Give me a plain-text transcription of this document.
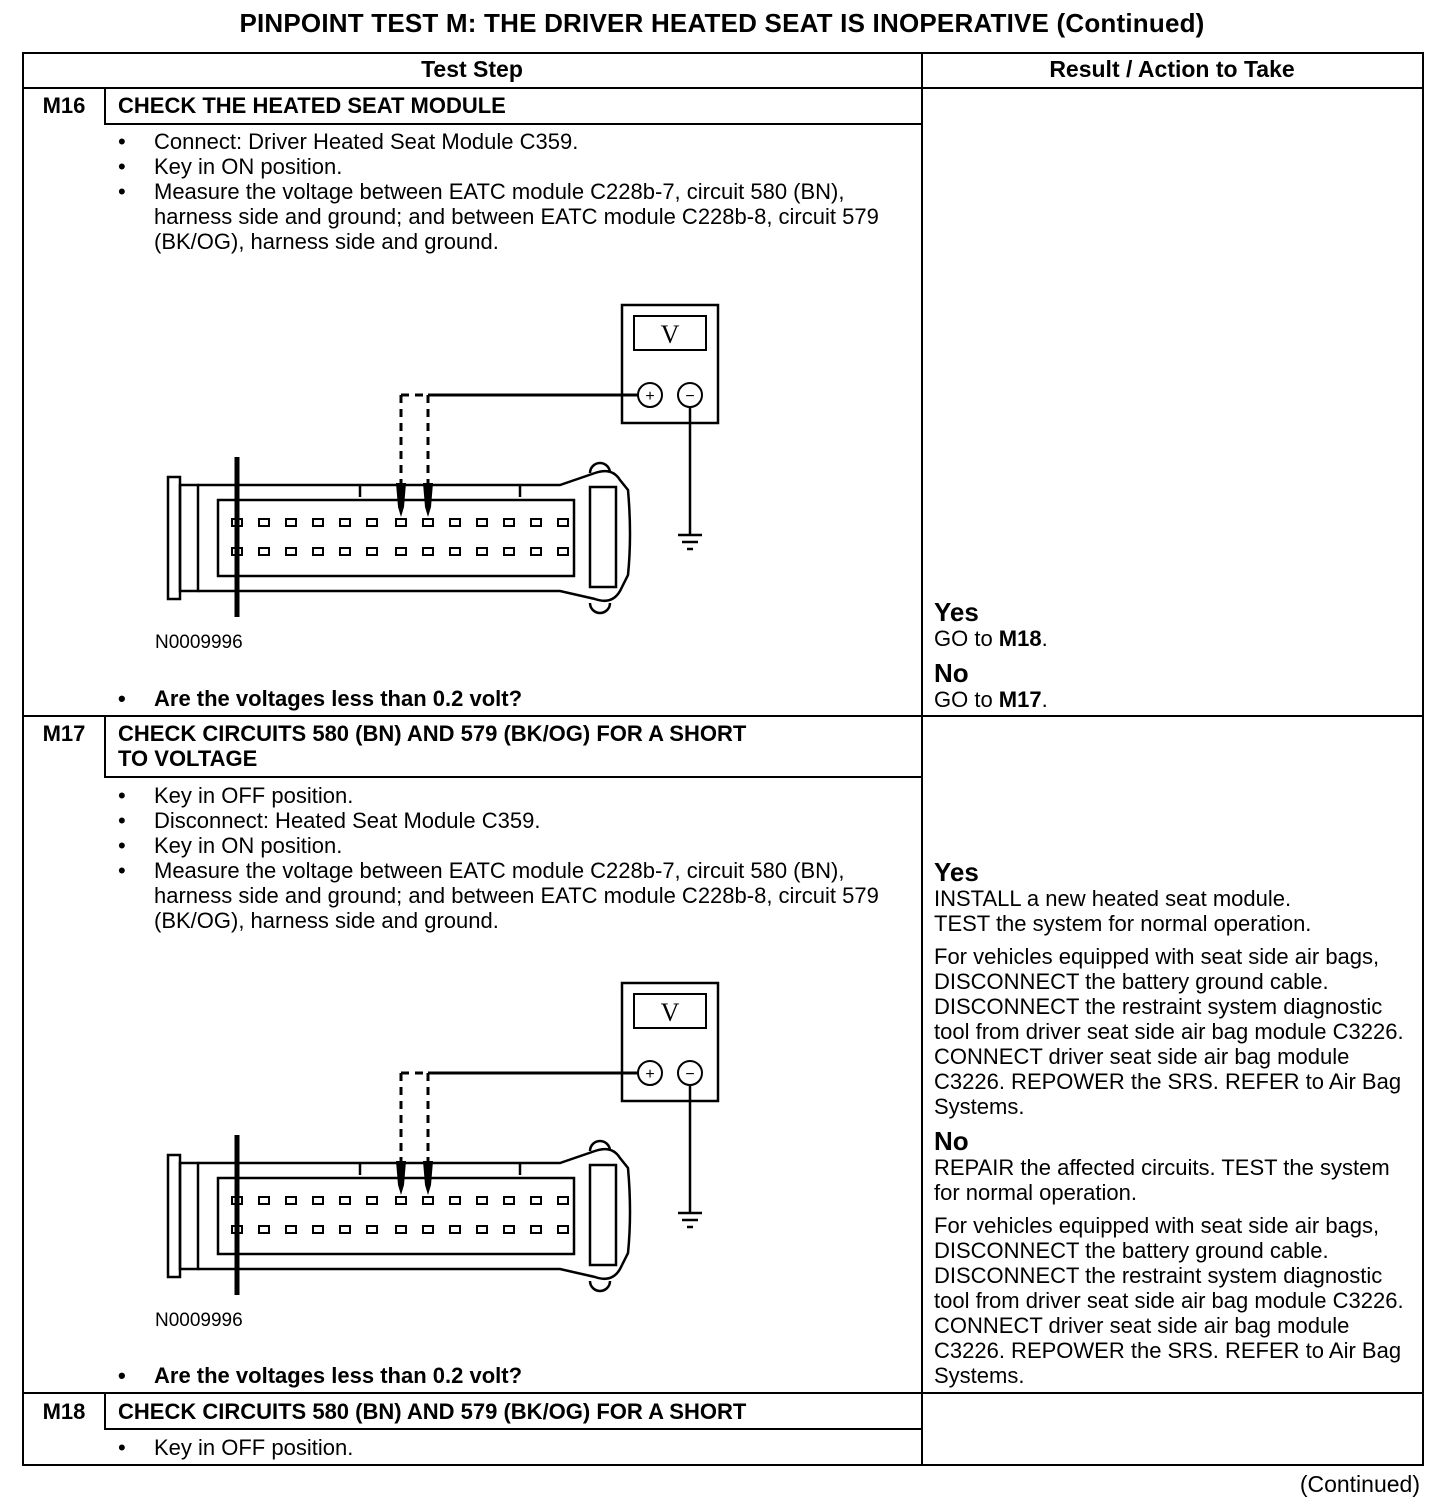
PINPOINT TEST M: THE DRIVER HEATED SEAT IS INOPERATIVE (Continued)
Test Step	Result / Action to Take
M16	CHECK THE HEATED SEAT MODULE
• Connect: Driver Heated Seat Module C359.
• Key in ON position.
• Measure the voltage between EATC module C228b-7, circuit 580 (BN), harness side and ground; and between EATC module C228b-8, circuit 579 (BK/OG), harness side and ground.
V
+ −
N0009996
• Are the voltages less than 0.2 volt?
Yes
GO to M18.
No
GO to M17.
M17	CHECK CIRCUITS 580 (BN) AND 579 (BK/OG) FOR A SHORT
TO VOLTAGE
• Key in OFF position.
• Disconnect: Heated Seat Module C359.
• Key in ON position.
• Measure the voltage between EATC module C228b-7, circuit 580 (BN), harness side and ground; and between EATC module C228b-8, circuit 579 (BK/OG), harness side and ground.
V
+ −
N0009996
• Are the voltages less than 0.2 volt?
Yes
INSTALL a new heated seat module.
TEST the system for normal operation.
For vehicles equipped with seat side air bags, DISCONNECT the battery ground cable. DISCONNECT the restraint system diagnostic tool from driver seat side air bag module C3226. CONNECT driver seat side air bag module C3226. REPOWER the SRS. REFER to Air Bag Systems.
No
REPAIR the affected circuits. TEST the system for normal operation.
For vehicles equipped with seat side air bags, DISCONNECT the battery ground cable. DISCONNECT the restraint system diagnostic tool from driver seat side air bag module C3226. CONNECT driver seat side air bag module C3226. REPOWER the SRS. REFER to Air Bag Systems.
M18	CHECK CIRCUITS 580 (BN) AND 579 (BK/OG) FOR A SHORT
• Key in OFF position.
(Continued)
